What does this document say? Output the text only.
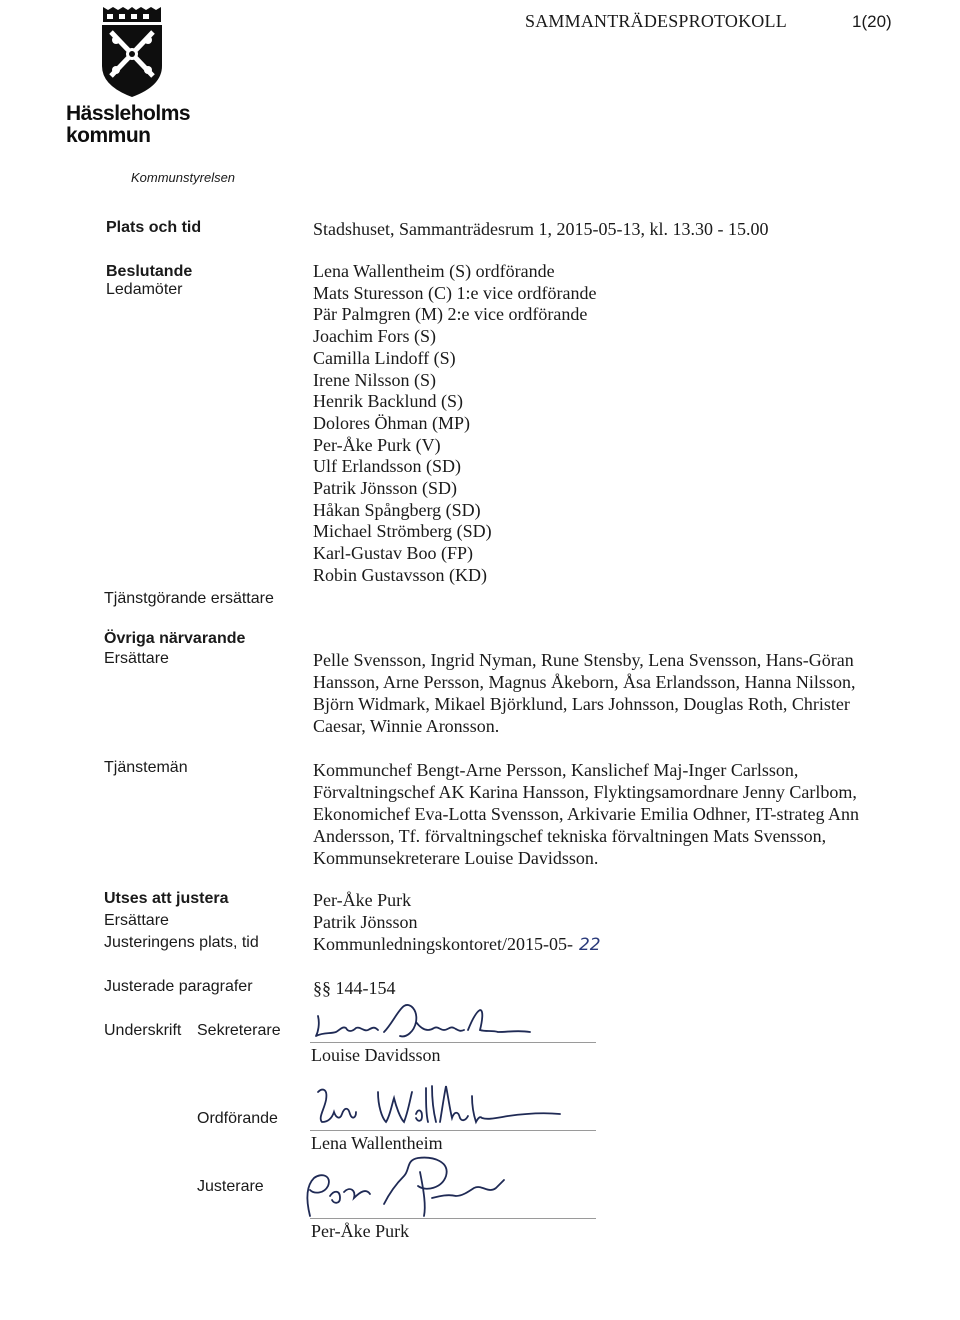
Hässleholms
kommun
SAMMANTRÄDESPROTOKOLL	1(20)
Kommunstyrelsen
Plats och tid	Stadshuset, Sammanträdesrum 1, 2015-05-13, kl. 13.30 - 15.00
Beslutande
Ledamöter
Lena Wallentheim (S) ordförande
Mats Sturesson (C) 1:e vice ordförande
Pär Palmgren (M) 2:e vice ordförande
Joachim Fors (S)
Camilla Lindoff (S)
Irene Nilsson (S)
Henrik Backlund (S)
Dolores Öhman (MP)
Per-Åke Purk (V)
Ulf Erlandsson (SD)
Patrik Jönsson (SD)
Håkan Spångberg (SD)
Michael Strömberg (SD)
Karl-Gustav Boo (FP)
Robin Gustavsson (KD)
Tjänstgörande ersättare
Övriga närvarande
Ersättare	Pelle Svensson, Ingrid Nyman, Rune Stensby, Lena Svensson, Hans-Göran Hansson, Arne Persson, Magnus Åkeborn, Åsa Erlandsson, Hanna Nilsson, Björn Widmark, Mikael Björklund, Lars Johnsson, Douglas Roth, Christer Caesar, Winnie Aronsson.
Tjänstemän	Kommunchef Bengt-Arne Persson, Kanslichef Maj-Inger Carlsson, Förvaltningschef AK Karina Hansson, Flyktingsamordnare Jenny Carlbom, Ekonomichef Eva-Lotta Svensson, Arkivarie Emilia Odhner, IT-strateg Ann Andersson, Tf. förvaltningschef tekniska förvaltningen Mats Svensson, Kommunsekreterare Louise Davidsson.
Utses att justera	Per-Åke Purk
Ersättare	Patrik Jönsson
Justeringens plats, tid	Kommunledningskontoret/2015-05- 22
Justerade paragrafer	§§ 144-154
Underskrift Sekreterare
Louise Davidsson
Ordförande
Lena Wallentheim
Justerare
Per-Åke Purk
